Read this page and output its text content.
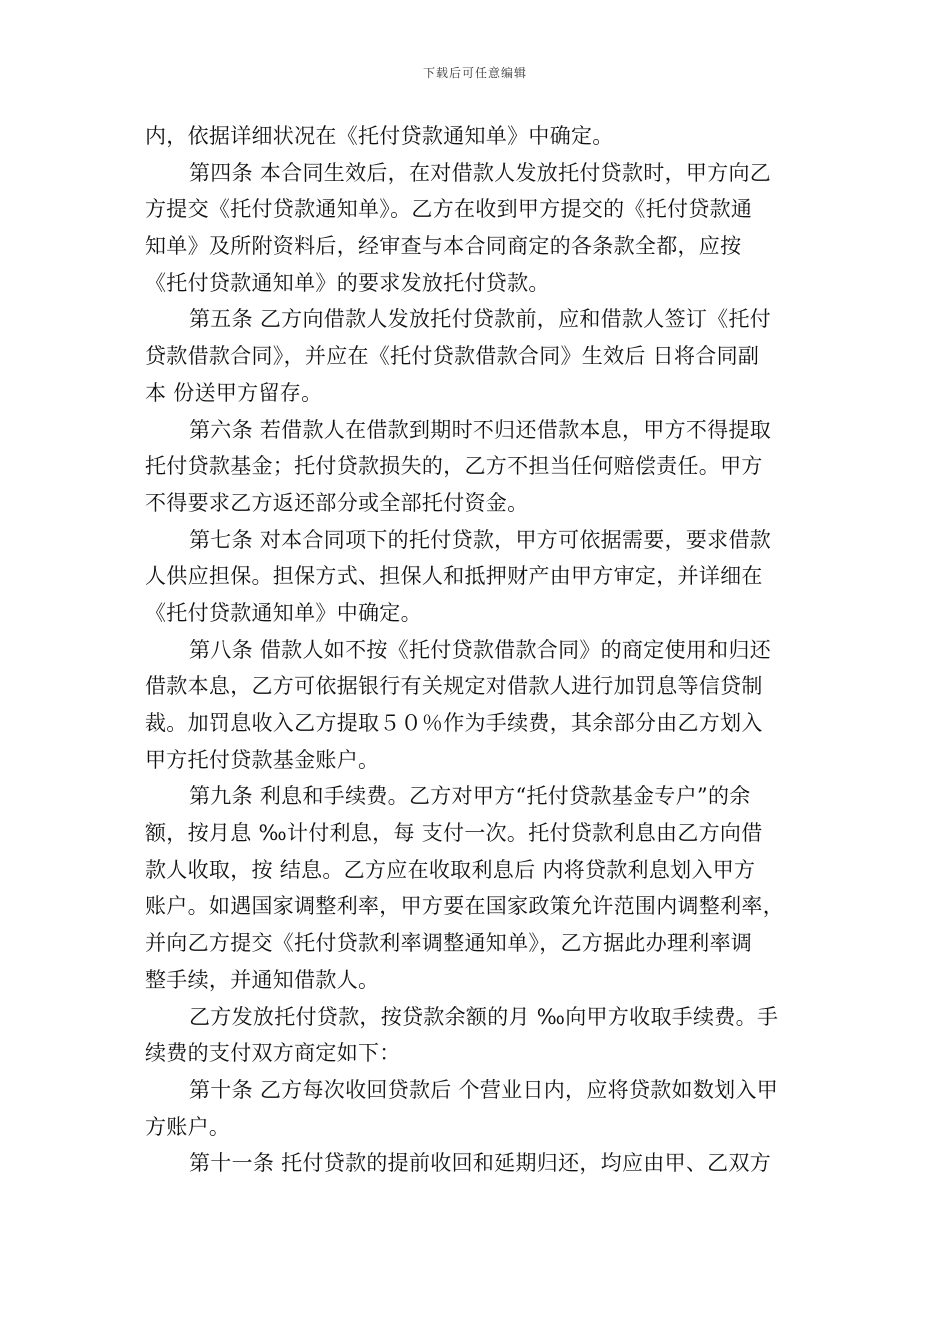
下载后可任意编辑
内，依据详细状况在《托付贷款通知单》中确定。
第四条 本合同生效后，在对借款人发放托付贷款时，甲方向乙
方提交《托付贷款通知单》。乙方在收到甲方提交的《托付贷款通
知单》及所附资料后，经审查与本合同商定的各条款全都，应按
《托付贷款通知单》的要求发放托付贷款。
第五条 乙方向借款人发放托付贷款前，应和借款人签订《托付
贷款借款合同》，并应在《托付贷款借款合同》生效后 日将合同副
本 份送甲方留存。
第六条 若借款人在借款到期时不归还借款本息，甲方不得提取
托付贷款基金；托付贷款损失的，乙方不担当任何赔偿责任。甲方
不得要求乙方返还部分或全部托付资金。
第七条 对本合同项下的托付贷款，甲方可依据需要，要求借款
人供应担保。担保方式、担保人和抵押财产由甲方审定，并详细在
《托付贷款通知单》中确定。
第八条 借款人如不按《托付贷款借款合同》的商定使用和归还
借款本息，乙方可依据银行有关规定对借款人进行加罚息等信贷制
裁。加罚息收入乙方提取５０％作为手续费，其余部分由乙方划入
甲方托付贷款基金账户。
第九条 利息和手续费。乙方对甲方“托付贷款基金专户”的余
额，按月息 ‰计付利息，每 支付一次。托付贷款利息由乙方向借
款人收取，按 结息。乙方应在收取利息后 内将贷款利息划入甲方
账户。如遇国家调整利率，甲方要在国家政策允许范围内调整利率，
并向乙方提交《托付贷款利率调整通知单》，乙方据此办理利率调
整手续，并通知借款人。
乙方发放托付贷款，按贷款余额的月 ‰向甲方收取手续费。手
续费的支付双方商定如下：
第十条 乙方每次收回贷款后 个营业日内，应将贷款如数划入甲
方账户。
第十一条 托付贷款的提前收回和延期归还，均应由甲、乙双方
